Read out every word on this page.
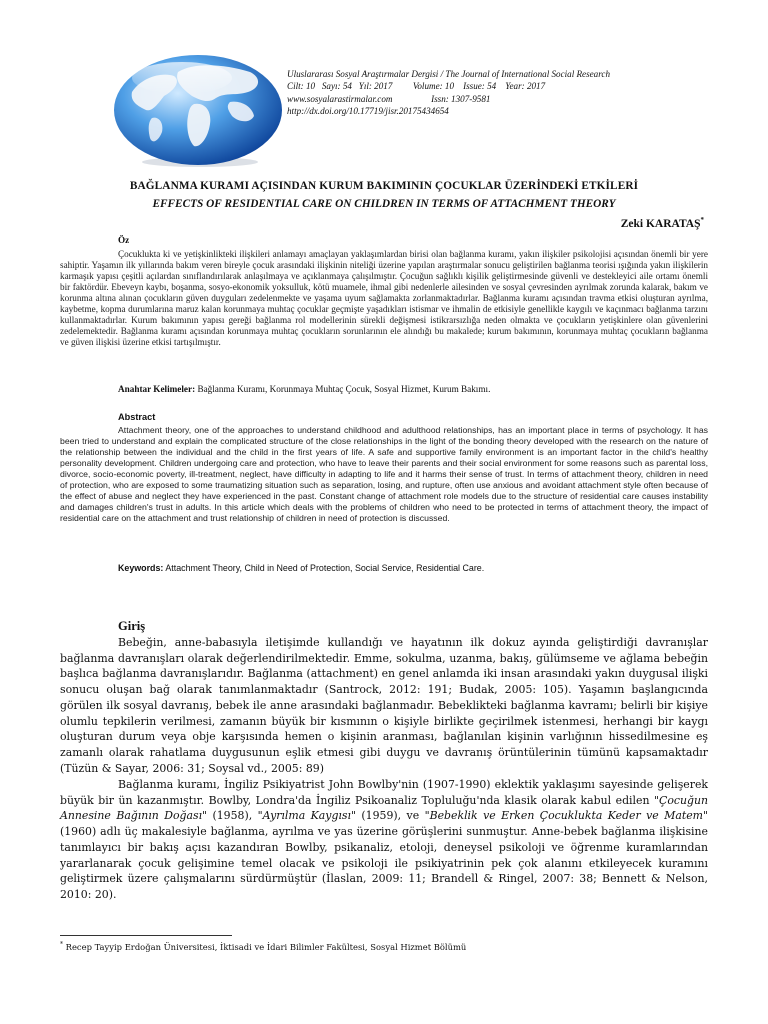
Uluslararası Sosyal Araştırmalar Dergisi / The Journal of International Social Research
Cilt: 10 Sayı: 54 Yıl: 2017 Volume: 10 Issue: 54 Year: 2017
www.sosyalarastirmalar.com	Issn: 1307-9581
http://dx.doi.org/10.17719/jisr.20175434654
BAĞLANMA KURAMI AÇISINDAN KURUM BAKIMININ ÇOCUKLAR ÜZERİNDEKİ ETKİLERİ
EFFECTS OF RESIDENTIAL CARE ON CHILDREN IN TERMS OF ATTACHMENT THEORY
Zeki KARATAŞ*
Öz
Çocuklukta ki ve yetişkinlikteki ilişkileri anlamayı amaçlayan yaklaşımlardan birisi olan bağlanma kuramı, yakın ilişkiler psikolojisi açısından önemli bir yere sahiptir. Yaşamın ilk yıllarında bakım veren bireyle çocuk arasındaki ilişkinin niteliği üzerine yapılan araştırmalar sonucu geliştirilen bağlanma teorisi ışığında yakın ilişkilerin karmaşık yapısı çeşitli açılardan sınıflandırılarak anlaşılmaya ve açıklanmaya çalışılmıştır. Çocuğun sağlıklı kişilik geliştirmesinde güvenli ve destekleyici aile ortamı önemli bir faktördür. Ebeveyn kaybı, boşanma, sosyo-ekonomik yoksulluk, kötü muamele, ihmal gibi nedenlerle ailesinden ve sosyal çevresinden ayrılmak zorunda kalarak, bakım ve korunma altına alınan çocukların güven duyguları zedelenmekte ve yaşama uyum sağlamakta zorlanmaktadırlar. Bağlanma kuramı açısından travma etkisi oluşturan ayrılma, kaybetme, kopma durumlarına maruz kalan korunmaya muhtaç çocuklar geçmişte yaşadıkları istismar ve ihmalin de etkisiyle genellikle kaygılı ve kaçınmacı bağlanma tarzını kullanmaktadırlar. Kurum bakımının yapısı gereği bağlanma rol modellerinin sürekli değişmesi istikrarsızlığa neden olmakta ve çocukların yetişkinlere olan güvenlerini zedelemektedir. Bağlanma kuramı açısından korunmaya muhtaç çocukların sorunlarının ele alındığı bu makalede; kurum bakımının, korunmaya muhtaç çocukların bağlanma ve güven ilişkisi üzerine etkisi tartışılmıştır.
Anahtar Kelimeler: Bağlanma Kuramı, Korunmaya Muhtaç Çocuk, Sosyal Hizmet, Kurum Bakımı.
Abstract
Attachment theory, one of the approaches to understand childhood and adulthood relationships, has an important place in terms of psychology. It has been tried to understand and explain the complicated structure of the close relationships in the light of the bonding theory developed with the research on the nature of the relationship between the individual and the child in the first years of life. A safe and supportive family environment is an important factor in the child's healthy personality development. Children undergoing care and protection, who have to leave their parents and their social environment for some reasons such as parental loss, divorce, socio-economic poverty, ill-treatment, neglect, have difficulty in adapting to life and it harms their sense of trust. In terms of attachment theory, children in need of protection, who are exposed to some traumatizing situation such as separation, losing, and rupture, often use anxious and avoidant attachment style often because of the effect of abuse and neglect they have experienced in the past. Constant change of attachment role models due to the structure of residential care causes instability and damages children's trust in adults. In this article which deals with the problems of children who need to be protected in terms of attachment theory, the impact of residential care on the attachment and trust relationship of children in need of protection is discussed.
Keywords: Attachment Theory, Child in Need of Protection, Social Service, Residential Care.
Giriş
Bebeğin, anne-babasıyla iletişimde kullandığı ve hayatının ilk dokuz ayında geliştirdiği davranışlar bağlanma davranışları olarak değerlendirilmektedir. Emme, sokulma, uzanma, bakış, gülümseme ve ağlama bebeğin başlıca bağlanma davranışlarıdır. Bağlanma (attachment) en genel anlamda iki insan arasındaki yakın duygusal ilişki sonucu oluşan bağ olarak tanımlanmaktadır (Santrock, 2012: 191; Budak, 2005: 105). Yaşamın başlangıcında görülen ilk sosyal davranış, bebek ile anne arasındaki bağlanmadır. Bebeklikteki bağlanma kavramı; belirli bir kişiye olumlu tepkilerin verilmesi, zamanın büyük bir kısmının o kişiyle birlikte geçirilmek istenmesi, herhangi bir kaygı oluşturan durum veya obje karşısında hemen o kişinin aranması, bağlanılan kişinin varlığının hissedilmesine eş zamanlı olarak rahatlama duygusunun eşlik etmesi gibi duygu ve davranış örüntülerinin tümünü kapsamaktadır (Tüzün & Sayar, 2006: 31; Soysal vd., 2005: 89)
Bağlanma kuramı, İngiliz Psikiyatrist John Bowlby'nin (1907-1990) eklektik yaklaşımı sayesinde gelişerek büyük bir ün kazanmıştır. Bowlby, Londra'da İngiliz Psikoanaliz Topluluğu'nda klasik olarak kabul edilen "Çocuğun Annesine Bağının Doğası" (1958), "Ayrılma Kaygısı" (1959), ve "Bebeklik ve Erken Çocuklukta Keder ve Matem" (1960) adlı üç makalesiyle bağlanma, ayrılma ve yas üzerine görüşlerini sunmuştur. Anne-bebek bağlanma ilişkisine tanımlayıcı bir bakış açısı kazandıran Bowlby, psikanaliz, etoloji, deneysel psikoloji ve öğrenme kuramlarından yararlanarak çocuk gelişimine temel olacak ve psikoloji ile psikiyatrinin pek çok alanını etkileyecek kuramını geliştirmek üzere çalışmalarını sürdürmüştür (İlaslan, 2009: 11; Brandell & Ringel, 2007: 38; Bennett & Nelson, 2010: 20).
* Recep Tayyip Erdoğan Üniversitesi, İktisadi ve İdari Bilimler Fakültesi, Sosyal Hizmet Bölümü
